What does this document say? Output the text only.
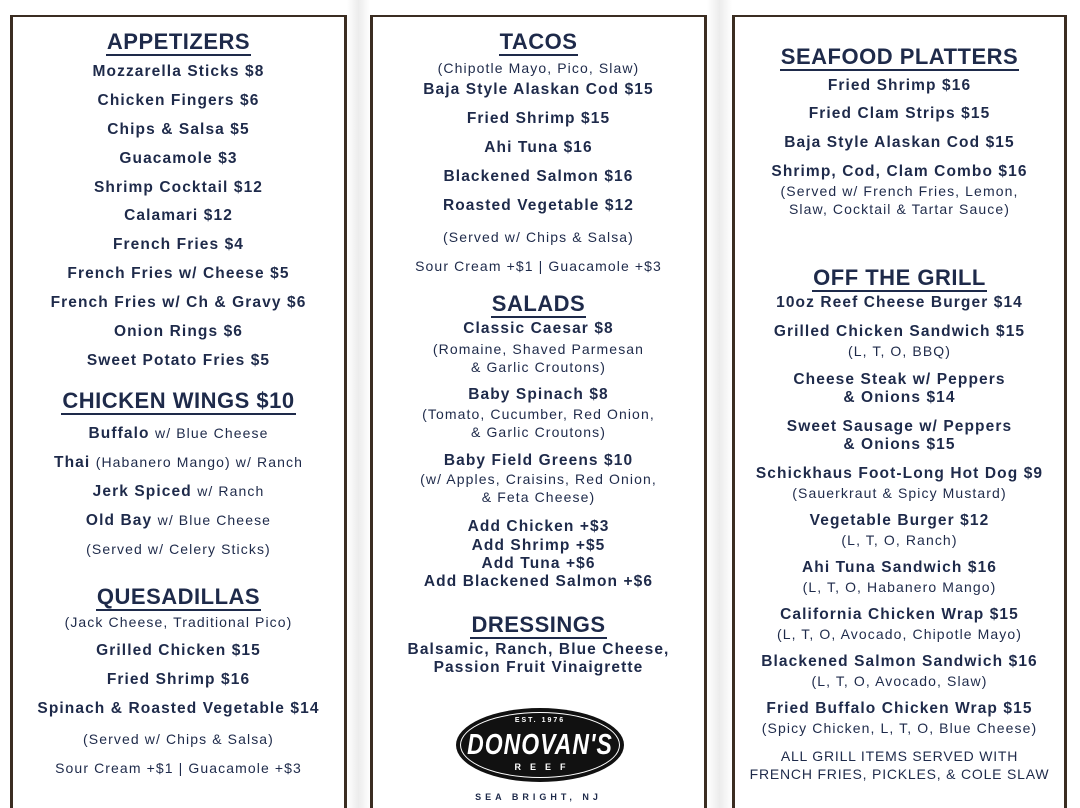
APPETIZERS
Mozzarella Sticks $8
Chicken Fingers $6
Chips & Salsa $5
Guacamole $3
Shrimp Cocktail $12
Calamari $12
French Fries $4
French Fries w/ Cheese $5
French Fries w/ Ch & Gravy $6
Onion Rings $6
Sweet Potato Fries $5
CHICKEN WINGS $10
Buffalo w/ Blue Cheese
Thai (Habanero Mango) w/ Ranch
Jerk Spiced w/ Ranch
Old Bay w/ Blue Cheese
(Served w/ Celery Sticks)
QUESADILLAS
(Jack Cheese, Traditional Pico)
Grilled Chicken $15
Fried Shrimp $16
Spinach & Roasted Vegetable $14
(Served w/ Chips & Salsa)
Sour Cream +$1 | Guacamole +$3
TACOS
(Chipotle Mayo, Pico, Slaw)
Baja Style Alaskan Cod $15
Fried Shrimp $15
Ahi Tuna $16
Blackened Salmon $16
Roasted Vegetable $12
(Served w/ Chips & Salsa)
Sour Cream +$1 | Guacamole +$3
SALADS
Classic Caesar $8
(Romaine, Shaved Parmesan
& Garlic Croutons)
Baby Spinach $8
(Tomato, Cucumber, Red Onion,
& Garlic Croutons)
Baby Field Greens $10
(w/ Apples, Craisins, Red Onion,
& Feta Cheese)
Add Chicken +$3
Add Shrimp +$5
Add Tuna +$6
Add Blackened Salmon +$6
DRESSINGS
Balsamic, Ranch, Blue Cheese,
Passion Fruit Vinaigrette
EST. 1976
DONOVAN'S
REEF
SEA BRIGHT, NJ
SEAFOOD PLATTERS
Fried Shrimp $16
Fried Clam Strips $15
Baja Style Alaskan Cod $15
Shrimp, Cod, Clam Combo $16
(Served w/ French Fries, Lemon,
Slaw, Cocktail & Tartar Sauce)
OFF THE GRILL
10oz Reef Cheese Burger $14
Grilled Chicken Sandwich $15
(L, T, O, BBQ)
Cheese Steak w/ Peppers
& Onions $14
Sweet Sausage w/ Peppers
& Onions $15
Schickhaus Foot-Long Hot Dog $9
(Sauerkraut & Spicy Mustard)
Vegetable Burger $12
(L, T, O, Ranch)
Ahi Tuna Sandwich $16
(L, T, O, Habanero Mango)
California Chicken Wrap $15
(L, T, O, Avocado, Chipotle Mayo)
Blackened Salmon Sandwich $16
(L, T, O, Avocado, Slaw)
Fried Buffalo Chicken Wrap $15
(Spicy Chicken, L, T, O, Blue Cheese)
ALL GRILL ITEMS SERVED WITH
FRENCH FRIES, PICKLES, & COLE SLAW
